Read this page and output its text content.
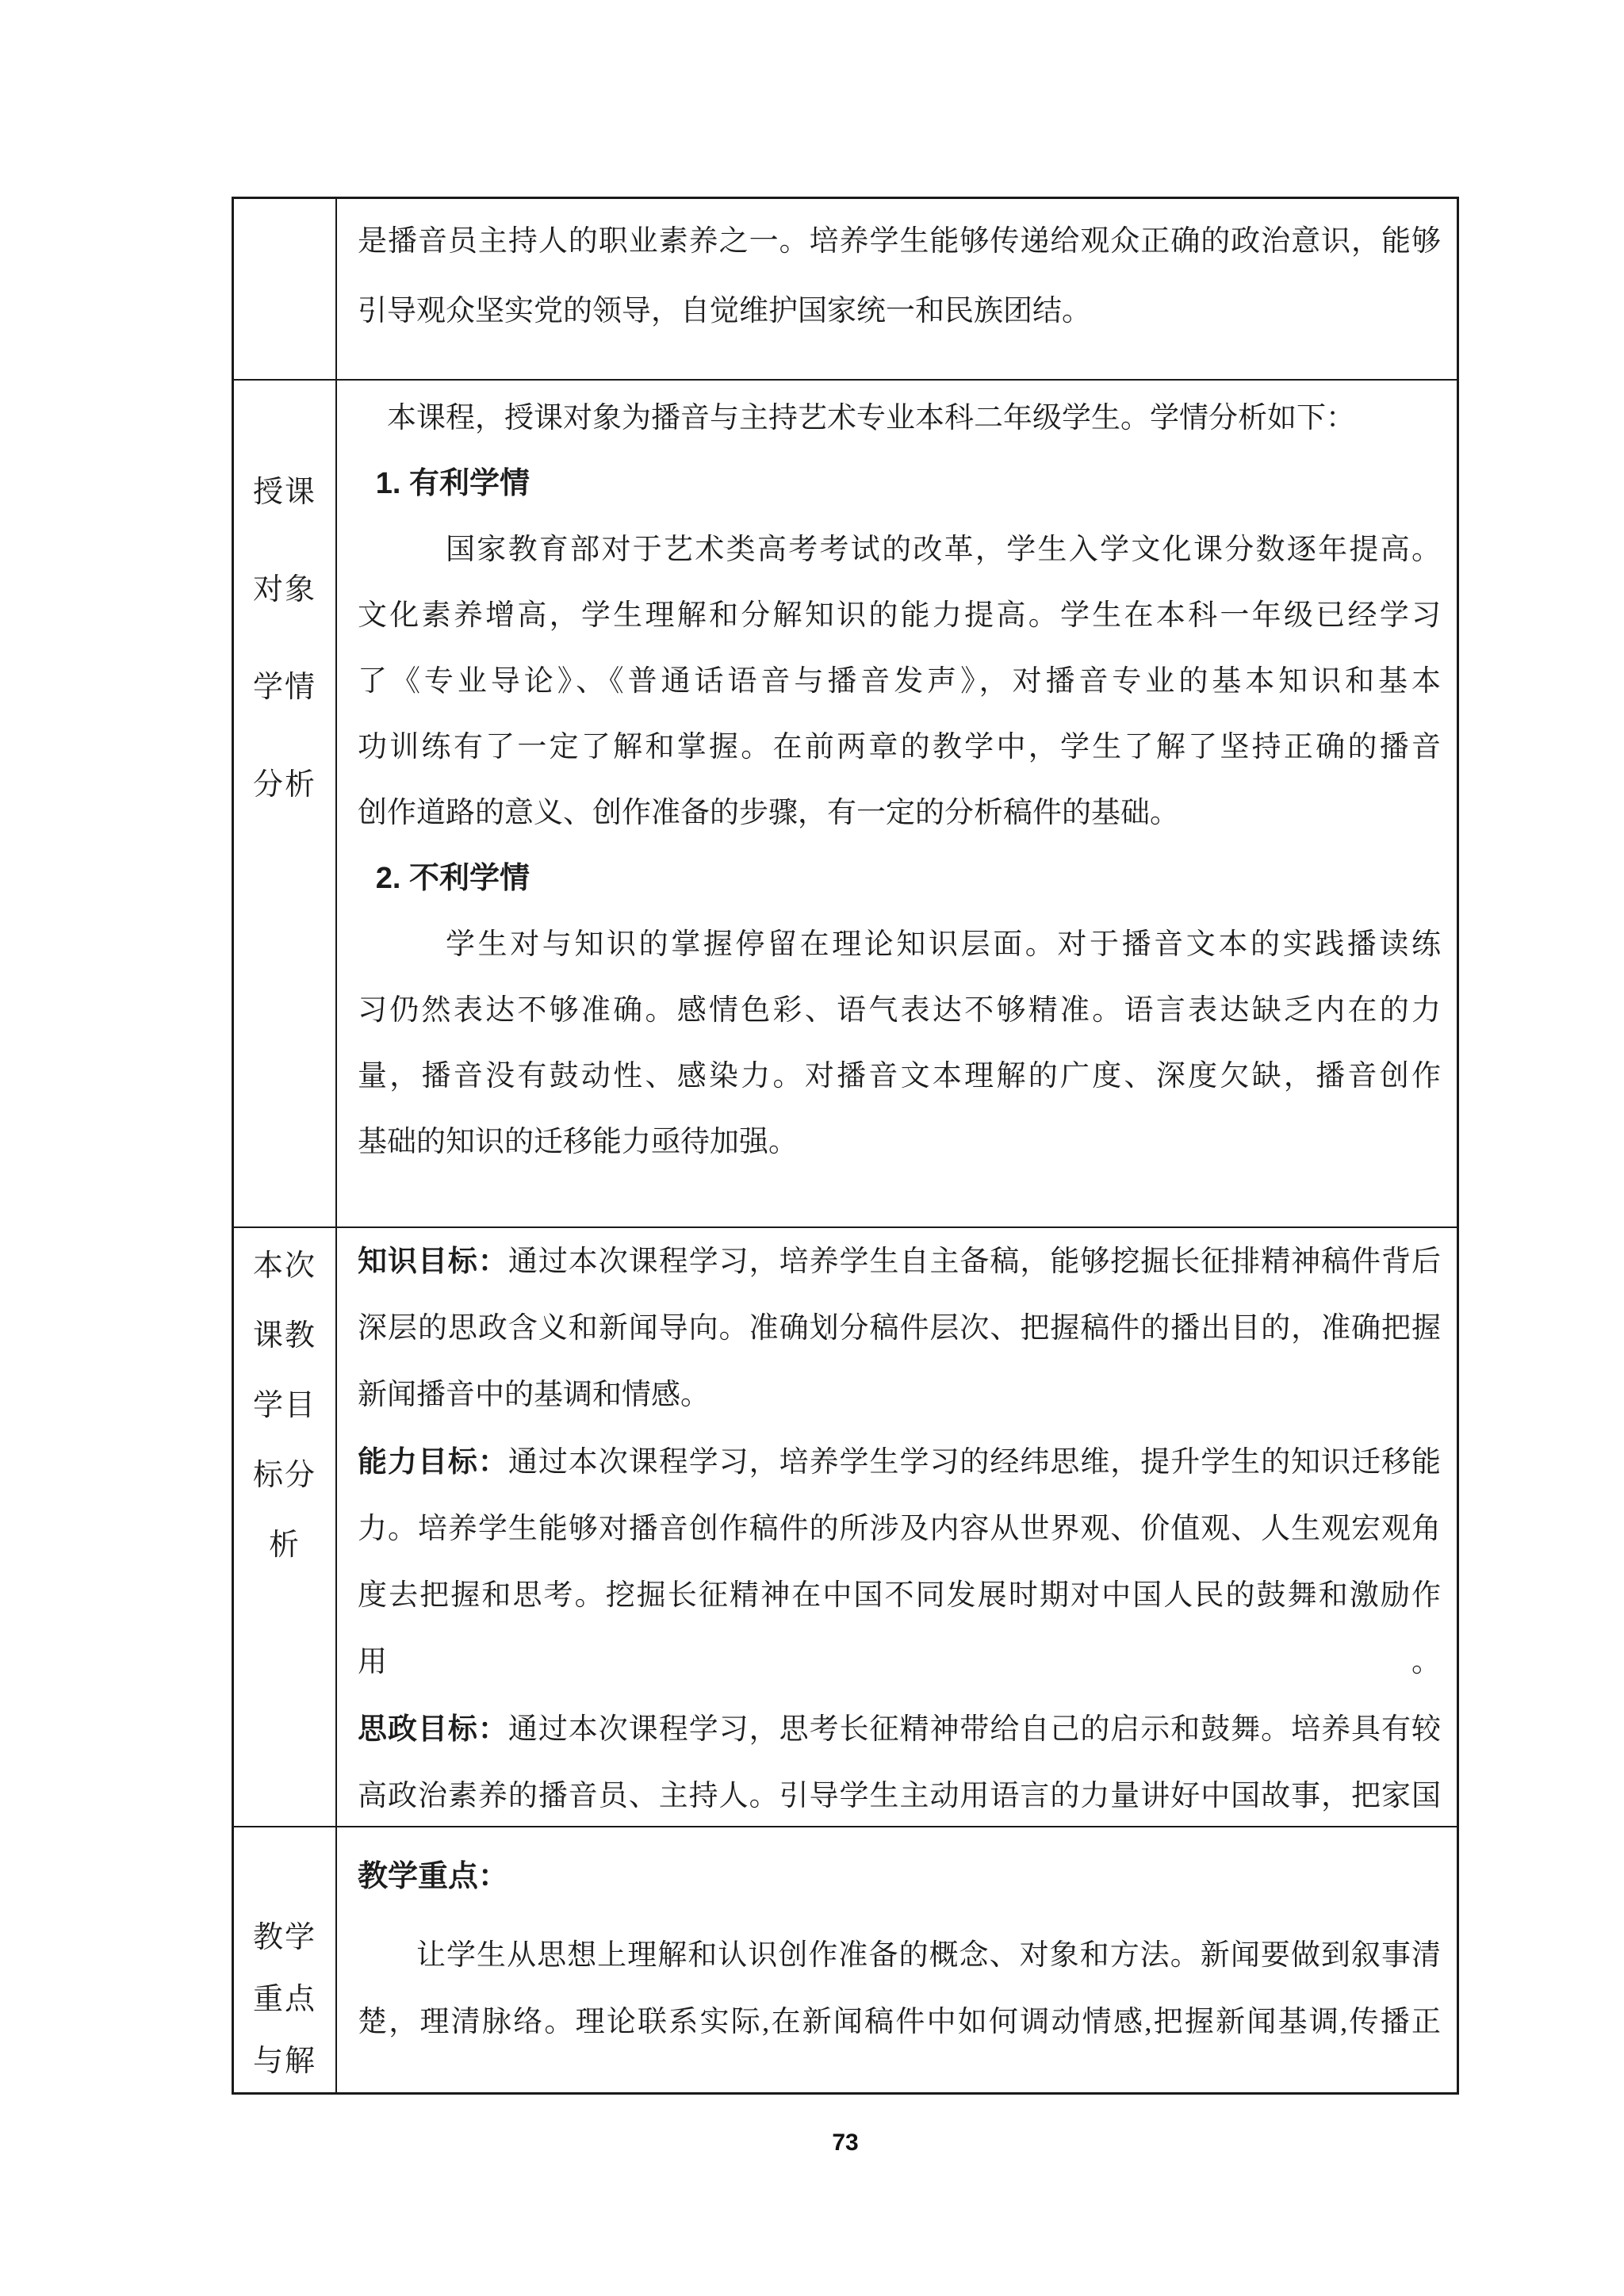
是播音员主持人的职业素养之一。培养学生能够传递给观众正确的政治意识，能够
引导观众坚实党的领导，自觉维护国家统一和民族团结。
授课
对象
学情
分析
本课程，授课对象为播音与主持艺术专业本科二年级学生。学情分析如下：
1. 有利学情
国家教育部对于艺术类高考考试的改革，学生入学文化课分数逐年提高。
文化素养增高，学生理解和分解知识的能力提高。学生在本科一年级已经学习
了《专业导论》、《普通话语音与播音发声》，对播音专业的基本知识和基本
功训练有了一定了解和掌握。在前两章的教学中，学生了解了坚持正确的播音
创作道路的意义、创作准备的步骤，有一定的分析稿件的基础。
2. 不利学情
学生对与知识的掌握停留在理论知识层面。对于播音文本的实践播读练
习仍然表达不够准确。感情色彩、语气表达不够精准。语言表达缺乏内在的力
量，播音没有鼓动性、感染力。对播音文本理解的广度、深度欠缺，播音创作
基础的知识的迁移能力亟待加强。
本次
课教
学目
标分
析
知识目标：通过本次课程学习，培养学生自主备稿，能够挖掘长征排精神稿件背后
深层的思政含义和新闻导向。准确划分稿件层次、把握稿件的播出目的，准确把握
新闻播音中的基调和情感。
能力目标：通过本次课程学习，培养学生学习的经纬思维，提升学生的知识迁移能
力。培养学生能够对播音创作稿件的所涉及内容从世界观、价值观、人生观宏观角
度去把握和思考。挖掘长征精神在中国不同发展时期对中国人民的鼓舞和激励作用。
思政目标：通过本次课程学习，思考长征精神带给自己的启示和鼓舞。培养具有较
高政治素养的播音员、主持人。引导学生主动用语言的力量讲好中国故事，把家国
教学
重点
与解
教学重点：
让学生从思想上理解和认识创作准备的概念、对象和方法。新闻要做到叙事清
楚，理清脉络。理论联系实际,在新闻稿件中如何调动情感,把握新闻基调,传播正
73
